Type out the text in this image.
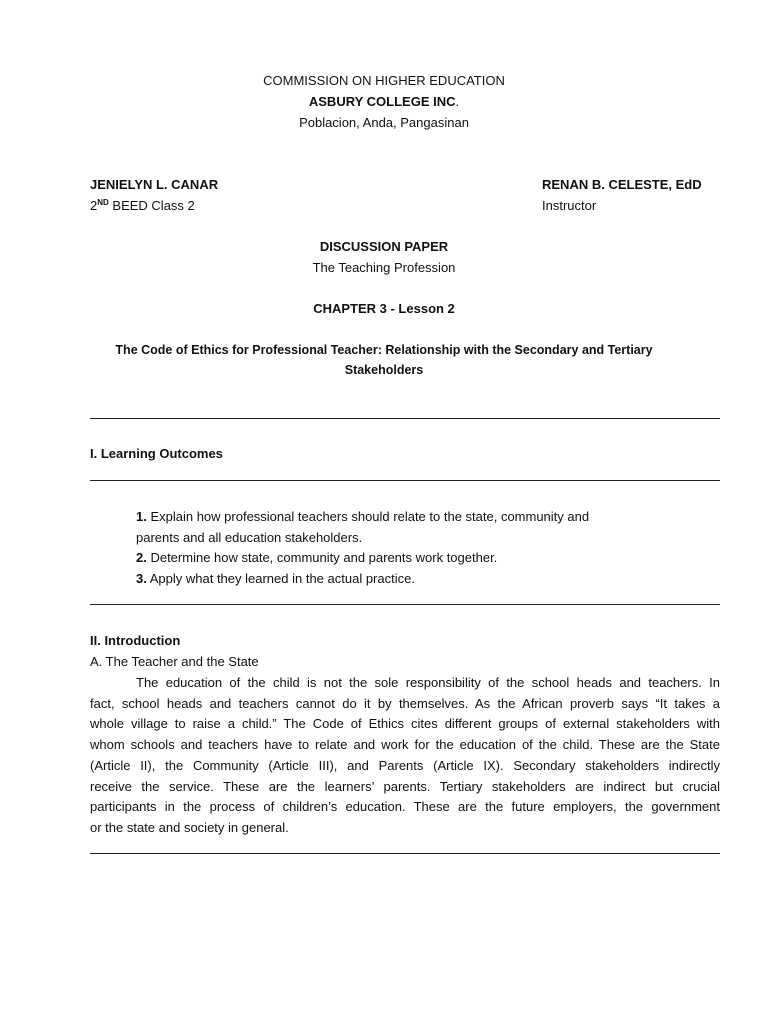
COMMISSION ON HIGHER EDUCATION
ASBURY COLLEGE INC.
Poblacion, Anda, Pangasinan
JENIELYN L. CANAR
2ND BEED Class 2
RENAN B. CELESTE, EdD
Instructor
DISCUSSION PAPER
The Teaching Profession
CHAPTER 3 - Lesson 2
The Code of Ethics for Professional Teacher: Relationship with the Secondary and Tertiary
Stakeholders
I. Learning Outcomes
1. Explain how professional teachers should relate to the state, community and
parents and all education stakeholders.
2. Determine how state, community and parents work together.
3. Apply what they learned in the actual practice.
II. Introduction
A. The Teacher and the State
The education of the child is not the sole responsibility of the school heads and teachers. In
fact, school heads and teachers cannot do it by themselves. As the African proverb says “It takes a
whole village to raise a child.” The Code of Ethics cites different groups of external stakeholders with
whom schools and teachers have to relate and work for the education of the child. These are the State
(Article II), the Community (Article III), and Parents (Article IX). Secondary stakeholders indirectly
receive the service. These are the learners’ parents. Tertiary stakeholders are indirect but crucial
participants in the process of children’s education. These are the future employers, the government
or the state and society in general.
